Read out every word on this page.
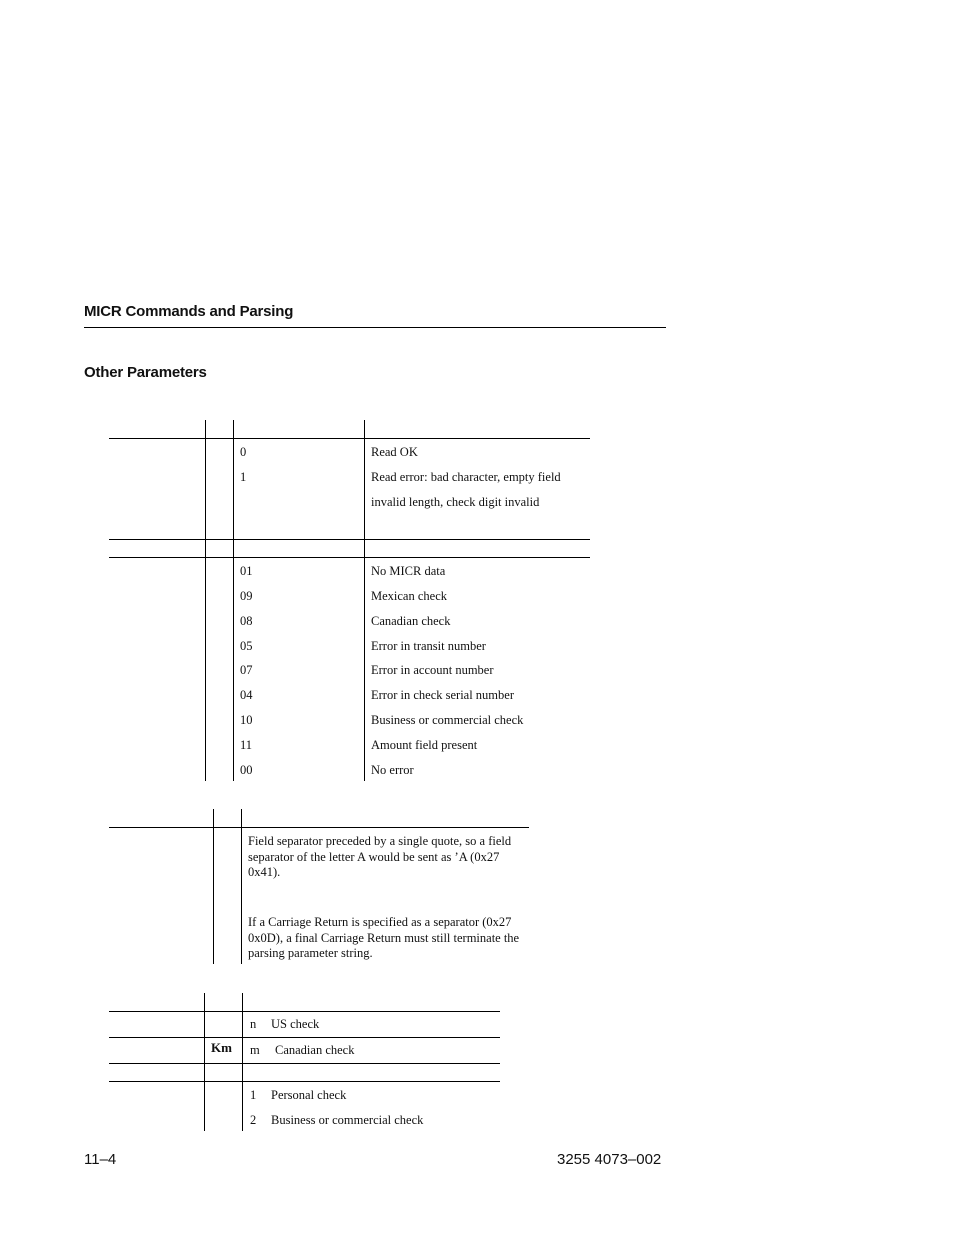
MICR Commands and Parsing
Other Parameters
0	Read OK
1	Read error: bad character, empty field
invalid length, check digit invalid
01	No MICR data
09	Mexican check
08	Canadian check
05	Error in transit number
07	Error in account number
04	Error in check serial number
10	Business or commercial check
11	Amount field present
00	No error
Field separator preceded by a single quote, so a field separator of the letter A would be sent as ’A (0x27 0x41).
If a Carriage Return is specified as a separator (0x27 0x0D), a final Carriage Return must still terminate the parsing parameter string.
n US check
Km m Canadian check
1 Personal check
2 Business or commercial check
11–4	3255 4073–002
